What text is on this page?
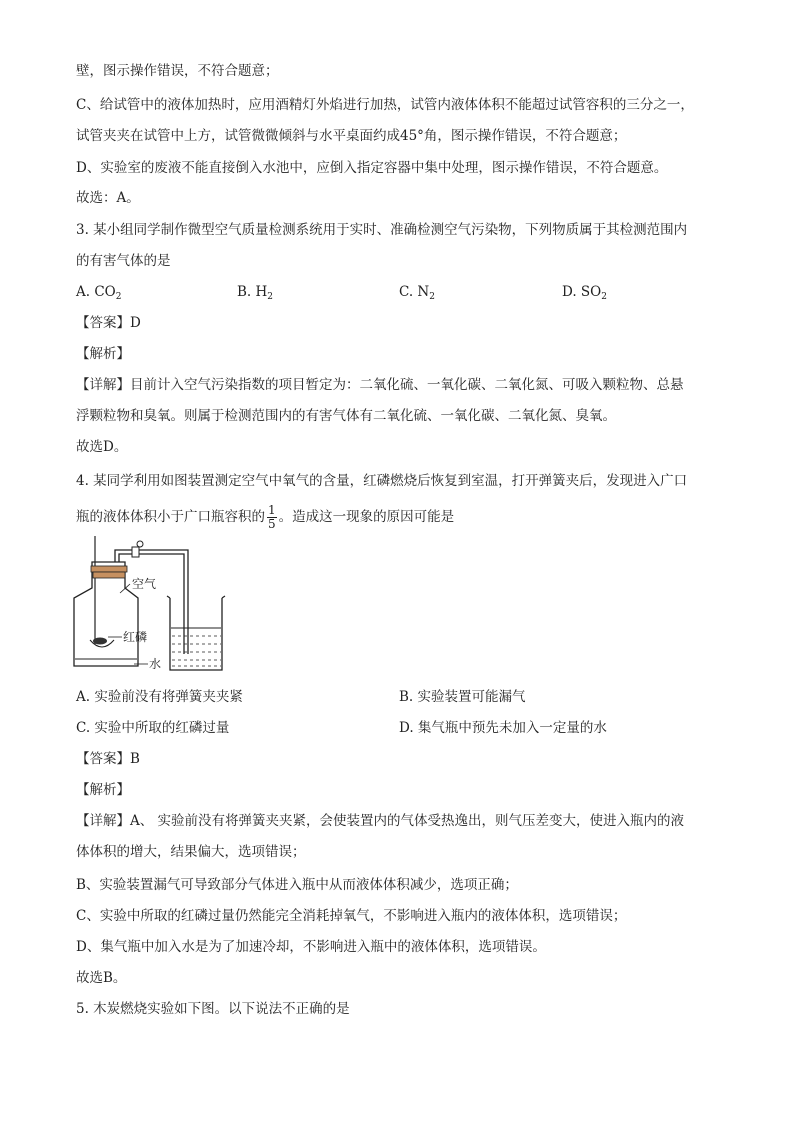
壁，图示操作错误，不符合题意；
C、给试管中的液体加热时，应用酒精灯外焰进行加热，试管内液体体积不能超过试管容积的三分之一，
试管夹夹在试管中上方，试管微微倾斜与水平桌面约成45°角，图示操作错误，不符合题意；
D、实验室的废液不能直接倒入水池中，应倒入指定容器中集中处理，图示操作错误，不符合题意。
故选：A。
3. 某小组同学制作微型空气质量检测系统用于实时、准确检测空气污染物，下列物质属于其检测范围内
的有害气体的是
A. $CO_2$	B. $H_2$	C. $N_2$	D. $SO_2$
【答案】D
【解析】
【详解】目前计入空气污染指数的项目暂定为：二氧化硫、一氧化碳、二氧化氮、可吸入颗粒物、总悬
浮颗粒物和臭氧。则属于检测范围内的有害气体有二氧化硫、一氧化碳、二氧化氮、臭氧。
故选D。
4. 某同学利用如图装置测定空气中氧气的含量，红磷燃烧后恢复到室温，打开弹簧夹后，发现进入广口
瓶的液体体积小于广口瓶容积的 $\frac{1}{5}$ 。造成这一现象的原因可能是
空气
红磷
水
A. 实验前没有将弹簧夹夹紧	B. 实验装置可能漏气
C. 实验中所取的红磷过量	D. 集气瓶中预先未加入一定量的水
【答案】B
【解析】
【详解】A、 实验前没有将弹簧夹夹紧，会使装置内的气体受热逸出，则气压差变大，使进入瓶内的液
体体积的增大，结果偏大，选项错误；
B、实验装置漏气可导致部分气体进入瓶中从而液体体积减少，选项正确；
C、实验中所取的红磷过量仍然能完全消耗掉氧气，不影响进入瓶内的液体体积，选项错误；
D、集气瓶中加入水是为了加速冷却，不影响进入瓶中的液体体积，选项错误。
故选B。
5. 木炭燃烧实验如下图。以下说法不正确的是
